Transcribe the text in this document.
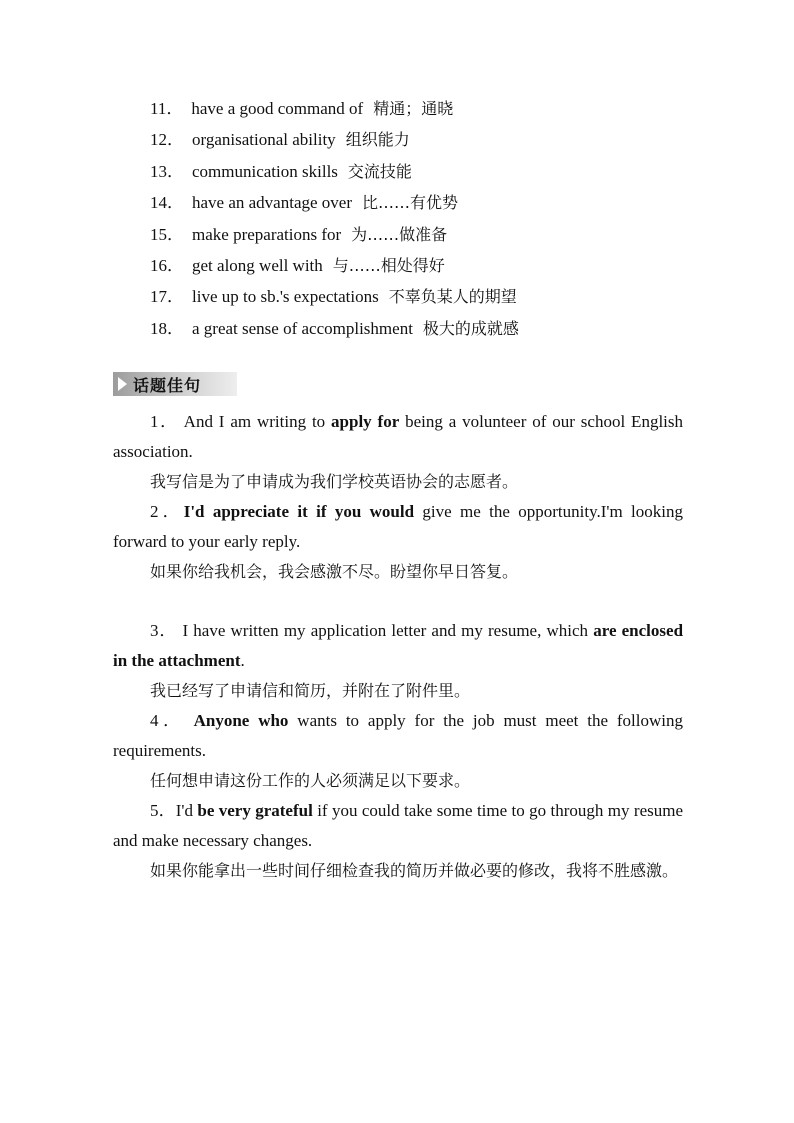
11． have a good command of 精通；通晓
12． organisational ability 组织能力
13． communication skills 交流技能
14． have an advantage over 比……有优势
15． make preparations for 为……做准备
16． get along well with 与……相处得好
17． live up to sb.'s expectations 不辜负某人的期望
18． a great sense of accomplishment 极大的成就感
话题佳句
1． And I am writing to apply for being a volunteer of our school English association.
我写信是为了申请成为我们学校英语协会的志愿者。
2．I'd appreciate it if you would give me the opportunity.I'm looking forward to your early reply.
如果你给我机会，我会感激不尽。盼望你早日答复。
3． I have written my application letter and my resume, which are enclosed in the attachment.
我已经写了申请信和简历，并附在了附件里。
4． Anyone who wants to apply for the job must meet the following requirements.
任何想申请这份工作的人必须满足以下要求。
5．I'd be very grateful if you could take some time to go through my resume and make necessary changes.
如果你能拿出一些时间仔细检查我的简历并做必要的修改，我将不胜感激。
